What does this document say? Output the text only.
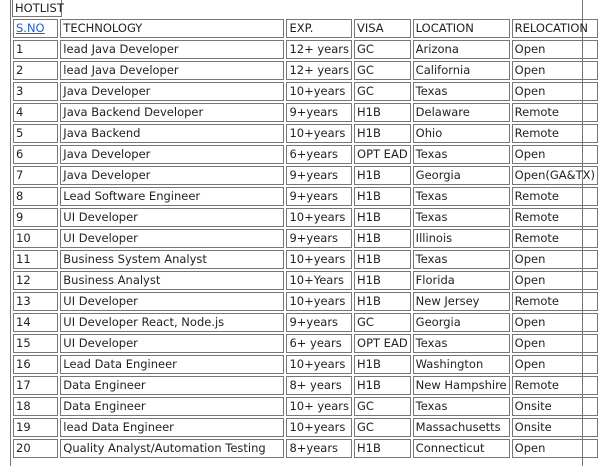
HOTLIST
S.NO	TECHNOLOGY	EXP.	VISA	LOCATION	RELOCATION
1	lead Java Developer	12+ years	GC	Arizona	Open
2	lead Java Developer	12+ years	GC	California	Open
3	Java Developer	10+years	GC	Texas	Open
4	Java Backend Developer	9+years	H1B	Delaware	Remote
5	Java Backend	10+years	H1B	Ohio	Remote
6	Java Developer	6+years	OPT EAD	Texas	Open
7	Java Developer	9+years	H1B	Georgia	Open(GA&TX)
8	Lead Software Engineer	9+years	H1B	Texas	Remote
9	UI Developer	10+years	H1B	Texas	Remote
10	UI Developer	9+years	H1B	Illinois	Remote
11	Business System Analyst	10+years	H1B	Texas	Open
12	Business Analyst	10+Years	H1B	Florida	Open
13	UI Developer	10+years	H1B	New Jersey	Remote
14	UI Developer React, Node.js	9+years	GC	Georgia	Open
15	UI Developer	6+ years	OPT EAD	Texas	Open
16	Lead Data Engineer	10+years	H1B	Washington	Open
17	Data Engineer	8+ years	H1B	New Hampshire	Remote
18	Data Engineer	10+ years	GC	Texas	Onsite
19	lead Data Engineer	10+years	GC	Massachusetts	Onsite
20	Quality Analyst/Automation Testing	8+years	H1B	Connecticut	Open
